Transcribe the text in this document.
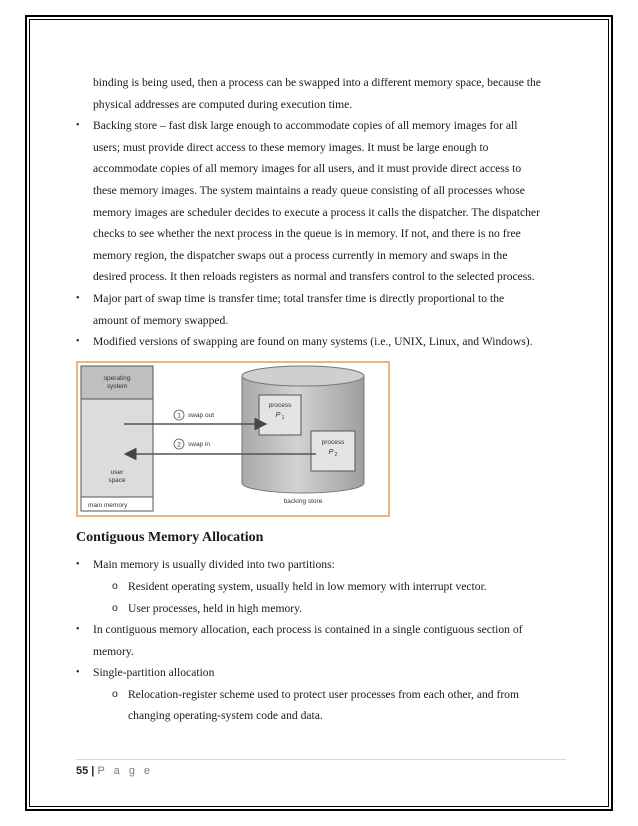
binding is being used, then a process can be swapped into a different memory space, because the
physical addresses are computed during execution time.
• Backing store – fast disk large enough to accommodate copies of all memory images for all
users; must provide direct access to these memory images. It must be large enough to
accommodate copies of all memory images for all users, and it must provide direct access to
these memory images. The system maintains a ready queue consisting of all processes whose
memory images are scheduler decides to execute a process it calls the dispatcher. The dispatcher
checks to see whether the next process in the queue is in memory. If not, and there is no free
memory region, the dispatcher swaps out a process currently in memory and swaps in the
desired process. It then reloads registers as normal and transfers control to the selected process.
• Major part of swap time is transfer time; total transfer time is directly proportional to the
amount of memory swapped.
• Modified versions of swapping are found on many systems (i.e., UNIX, Linux, and Windows).
operating
system
user
space
main memory
backing store
process
P 1
process
P 2
1 swap out
2 swap in
Contiguous Memory Allocation
• Main memory is usually divided into two partitions:
o Resident operating system, usually held in low memory with interrupt vector.
o User processes, held in high memory.
• In contiguous memory allocation, each process is contained in a single contiguous section of
memory.
• Single-partition allocation
o Relocation-register scheme used to protect user processes from each other, and from
changing operating-system code and data.
55 | P a g e
